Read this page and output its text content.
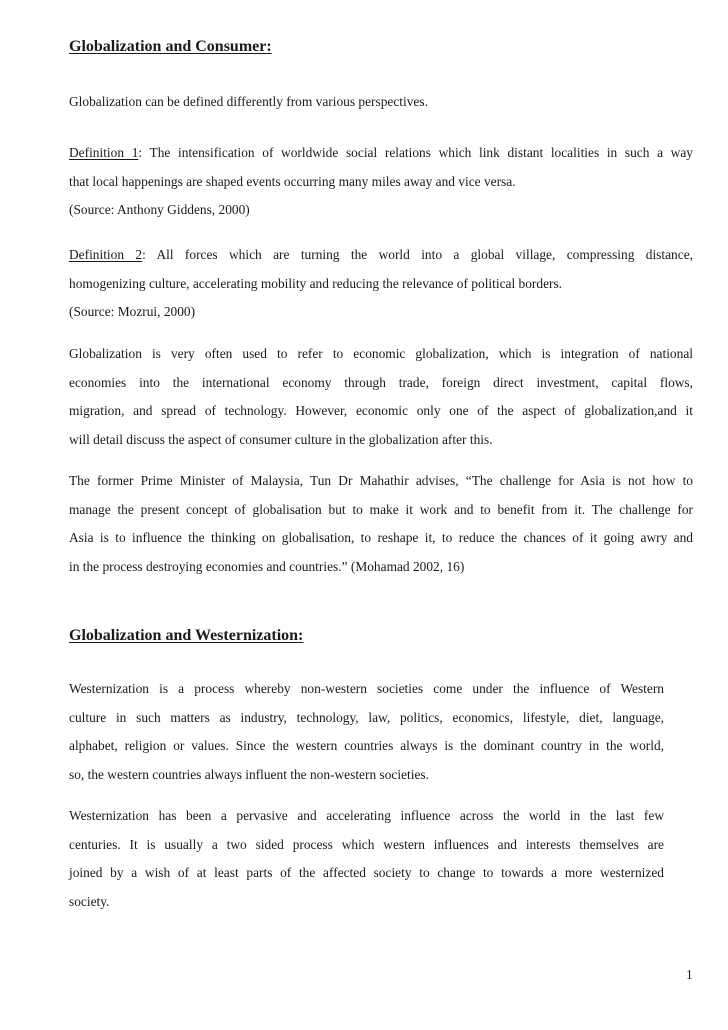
Globalization and Consumer:

Globalization can be defined differently from various perspectives.

Definition 1: The intensification of worldwide social relations which link distant localities in such a way
that local happenings are shaped events occurring many miles away and vice versa.
(Source: Anthony Giddens, 2000)

Definition 2: All forces which are turning the world into a global village, compressing distance,
homogenizing culture, accelerating mobility and reducing the relevance of political borders.
(Source: Mozrui, 2000)

Globalization is very often used to refer to economic globalization, which is integration of national
economies into the international economy through trade, foreign direct investment, capital flows,
migration, and spread of technology. However, economic only one of the aspect of globalization,and it
will detail discuss the aspect of consumer culture in the globalization after this.

The former Prime Minister of Malaysia, Tun Dr Mahathir advises, “The challenge for Asia is not how to
manage the present concept of globalisation but to make it work and to benefit from it. The challenge for
Asia is to influence the thinking on globalisation, to reshape it, to reduce the chances of it going awry and
in the process destroying economies and countries.” (Mohamad 2002, 16)

Globalization and Westernization:

Westernization is a process whereby non-western societies come under the influence of Western
culture in such matters as industry, technology, law, politics, economics, lifestyle, diet, language,
alphabet, religion or values. Since the western countries always is the dominant country in the world,
so, the western countries always influent the non-western societies.

Westernization has been a pervasive and accelerating influence across the world in the last few
centuries. It is usually a two sided process which western influences and interests themselves are
joined by a wish of at least parts of the affected society to change to towards a more westernized
society.

1
